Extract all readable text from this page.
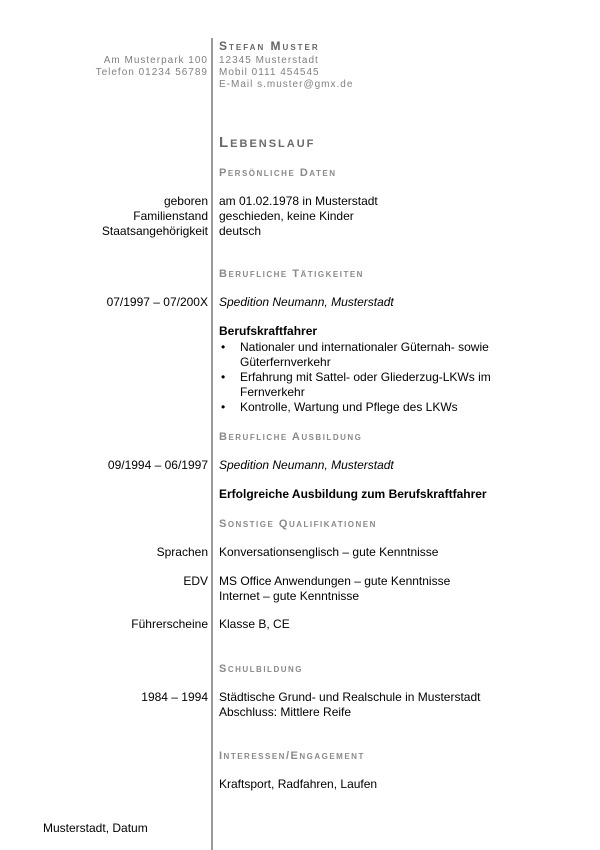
Am Musterpark 100
Telefon 01234 56789
Stefan Muster
12345 Musterstadt
Mobil 0111 454545
E-Mail s.muster@gmx.de
Lebenslauf
Persönliche Daten
geboren
Familienstand
Staatsangehörigkeit
am 01.02.1978 in Musterstadt
geschieden, keine Kinder
deutsch
Berufliche Tätigkeiten
07/1997 – 07/200X Spedition Neumann, Musterstadt
Berufskraftfahrer
• Nationaler und internationaler Güternah- sowie Güterfernverkehr
• Erfahrung mit Sattel- oder Gliederzug-LKWs im Fernverkehr
• Kontrolle, Wartung und Pflege des LKWs
Berufliche Ausbildung
09/1994 – 06/1997 Spedition Neumann, Musterstadt
Erfolgreiche Ausbildung zum Berufskraftfahrer
Sonstige Qualifikationen
Sprachen Konversationsenglisch – gute Kenntnisse
EDV MS Office Anwendungen – gute Kenntnisse
Internet – gute Kenntnisse
Führerscheine Klasse B, CE
Schulbildung
1984 – 1994 Städtische Grund- und Realschule in Musterstadt
Abschluss: Mittlere Reife
Interessen/Engagement
Kraftsport, Radfahren, Laufen
Musterstadt, Datum
